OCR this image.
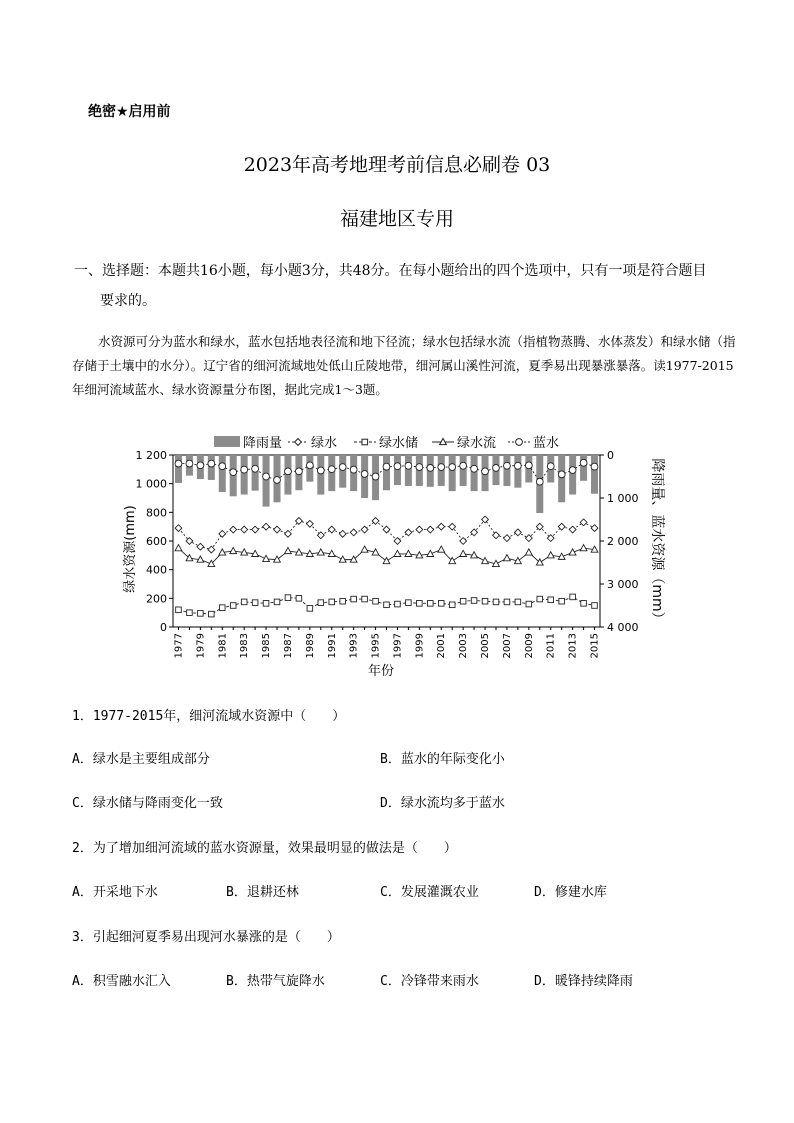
绝密★启用前
2023年高考地理考前信息必刷卷 03
福建地区专用
一、选择题：本题共16小题，每小题3分，共48分。在每小题给出的四个选项中，只有一项是符合题目
要求的。
水资源可分为蓝水和绿水，蓝水包括地表径流和地下径流；绿水包括绿水流（指植物蒸腾、水体蒸发）和绿水储（指存储于土壤中的水分）。辽宁省的细河流域地处低山丘陵地带，细河属山溪性河流，夏季易出现暴涨暴落。读1977-2015年细河流域蓝水、绿水资源量分布图，据此完成1～3题。
降雨量 绿水	绿水储	绿水流	蓝水
0
200
400
600
800
1 000
1 200	0
1 000
2 000
3 000
4 000
1977 1979 1981 1983 1985 1987 1989 1991 1993 1995 1997 1999 2001 2003 2005 2007 2009 2011 2013 2015
绿水资源(mm)	降雨量、蓝水资源（mm）
年份
1．1977-2015年，细河流域水资源中（　　）
A．绿水是主要组成部分	B．蓝水的年际变化小
C．绿水储与降雨变化一致	D．绿水流均多于蓝水
2．为了增加细河流域的蓝水资源量，效果最明显的做法是（　　）
A．开采地下水	B．退耕还林	C．发展灌溉农业	D．修建水库
3．引起细河夏季易出现河水暴涨的是（　　）
A．积雪融水汇入	B．热带气旋降水	C．冷锋带来雨水	D．暖锋持续降雨
